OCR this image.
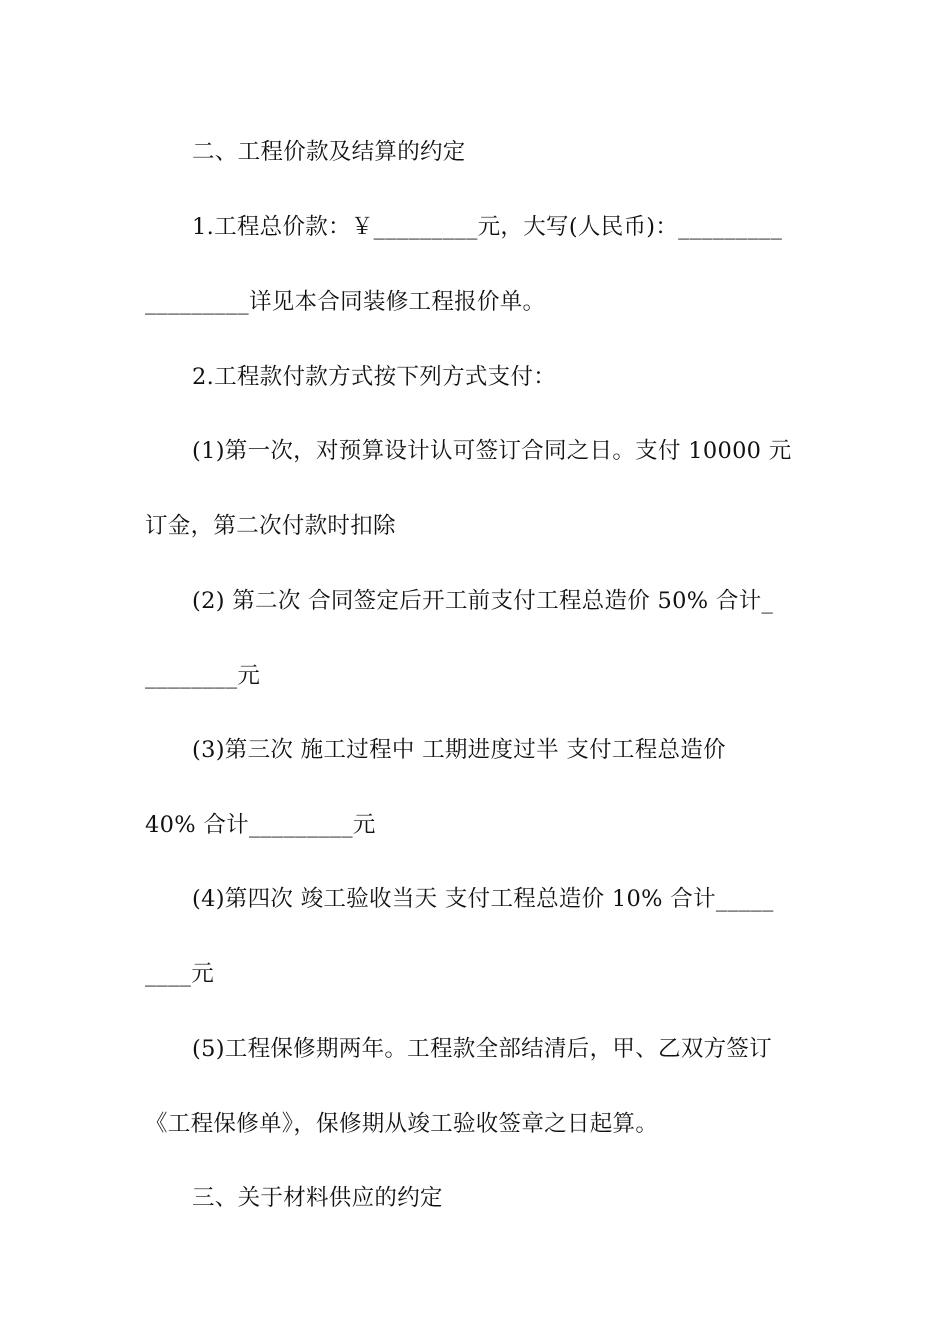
二、工程价款及结算的约定
1.工程总价款：￥_________元，大写(人民币)：_________
_________详见本合同装修工程报价单。
2.工程款付款方式按下列方式支付：
(1)第一次，对预算设计认可签订合同之日。支付 10000 元
订金，第二次付款时扣除
(2) 第二次 合同签定后开工前支付工程总造价 50% 合计_
________元
(3)第三次 施工过程中 工期进度过半 支付工程总造价
40% 合计_________元
(4)第四次 竣工验收当天 支付工程总造价 10% 合计_____
____元
(5)工程保修期两年。工程款全部结清后，甲、乙双方签订
《工程保修单》，保修期从竣工验收签章之日起算。
三、关于材料供应的约定
